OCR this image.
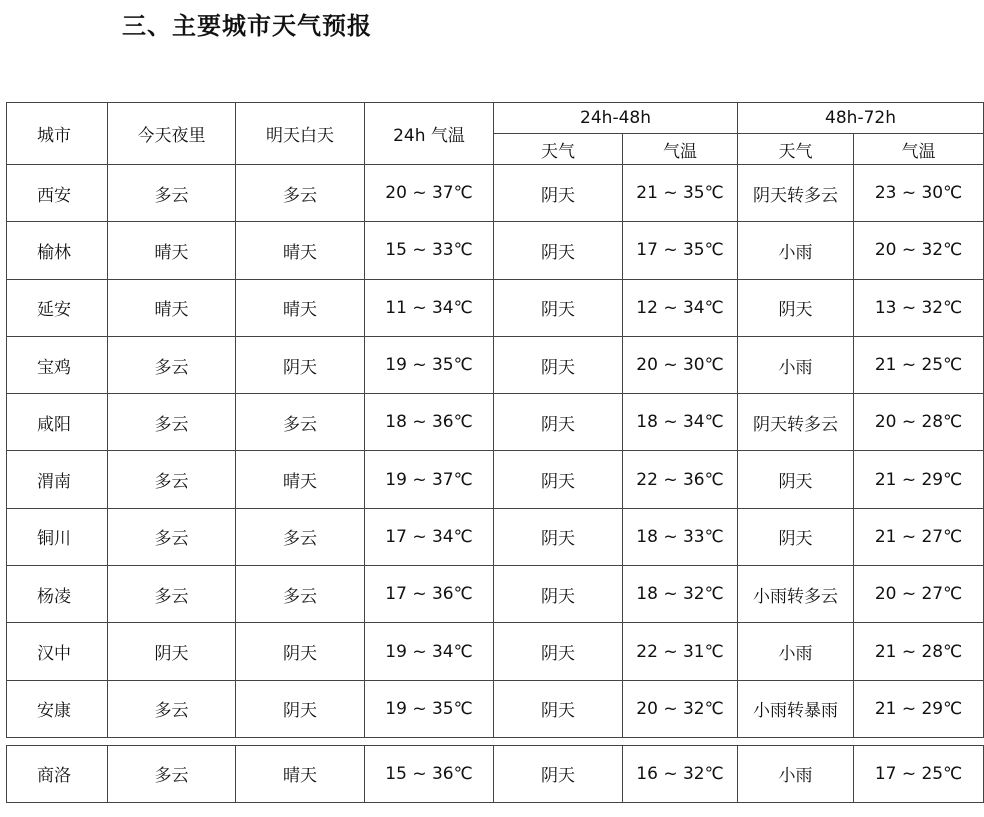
三、主要城市天气预报
城市	今天夜里	明天白天	24h 气温	24h-48h		48h-72h	
				天气	气温	天气	气温
西安	多云	多云	20 ~ 37℃	阴天	21 ~ 35℃	阴天转多云	23 ~ 30℃
榆林	晴天	晴天	15 ~ 33℃	阴天	17 ~ 35℃	小雨	20 ~ 32℃
延安	晴天	晴天	11 ~ 34℃	阴天	12 ~ 34℃	阴天	13 ~ 32℃
宝鸡	多云	阴天	19 ~ 35℃	阴天	20 ~ 30℃	小雨	21 ~ 25℃
咸阳	多云	多云	18 ~ 36℃	阴天	18 ~ 34℃	阴天转多云	20 ~ 28℃
渭南	多云	晴天	19 ~ 37℃	阴天	22 ~ 36℃	阴天	21 ~ 29℃
铜川	多云	多云	17 ~ 34℃	阴天	18 ~ 33℃	阴天	21 ~ 27℃
杨凌	多云	多云	17 ~ 36℃	阴天	18 ~ 32℃	小雨转多云	20 ~ 27℃
汉中	阴天	阴天	19 ~ 34℃	阴天	22 ~ 31℃	小雨	21 ~ 28℃
安康	多云	阴天	19 ~ 35℃	阴天	20 ~ 32℃	小雨转暴雨	21 ~ 29℃

商洛	多云	晴天	15 ~ 36℃	阴天	16 ~ 32℃	小雨	17 ~ 25℃
